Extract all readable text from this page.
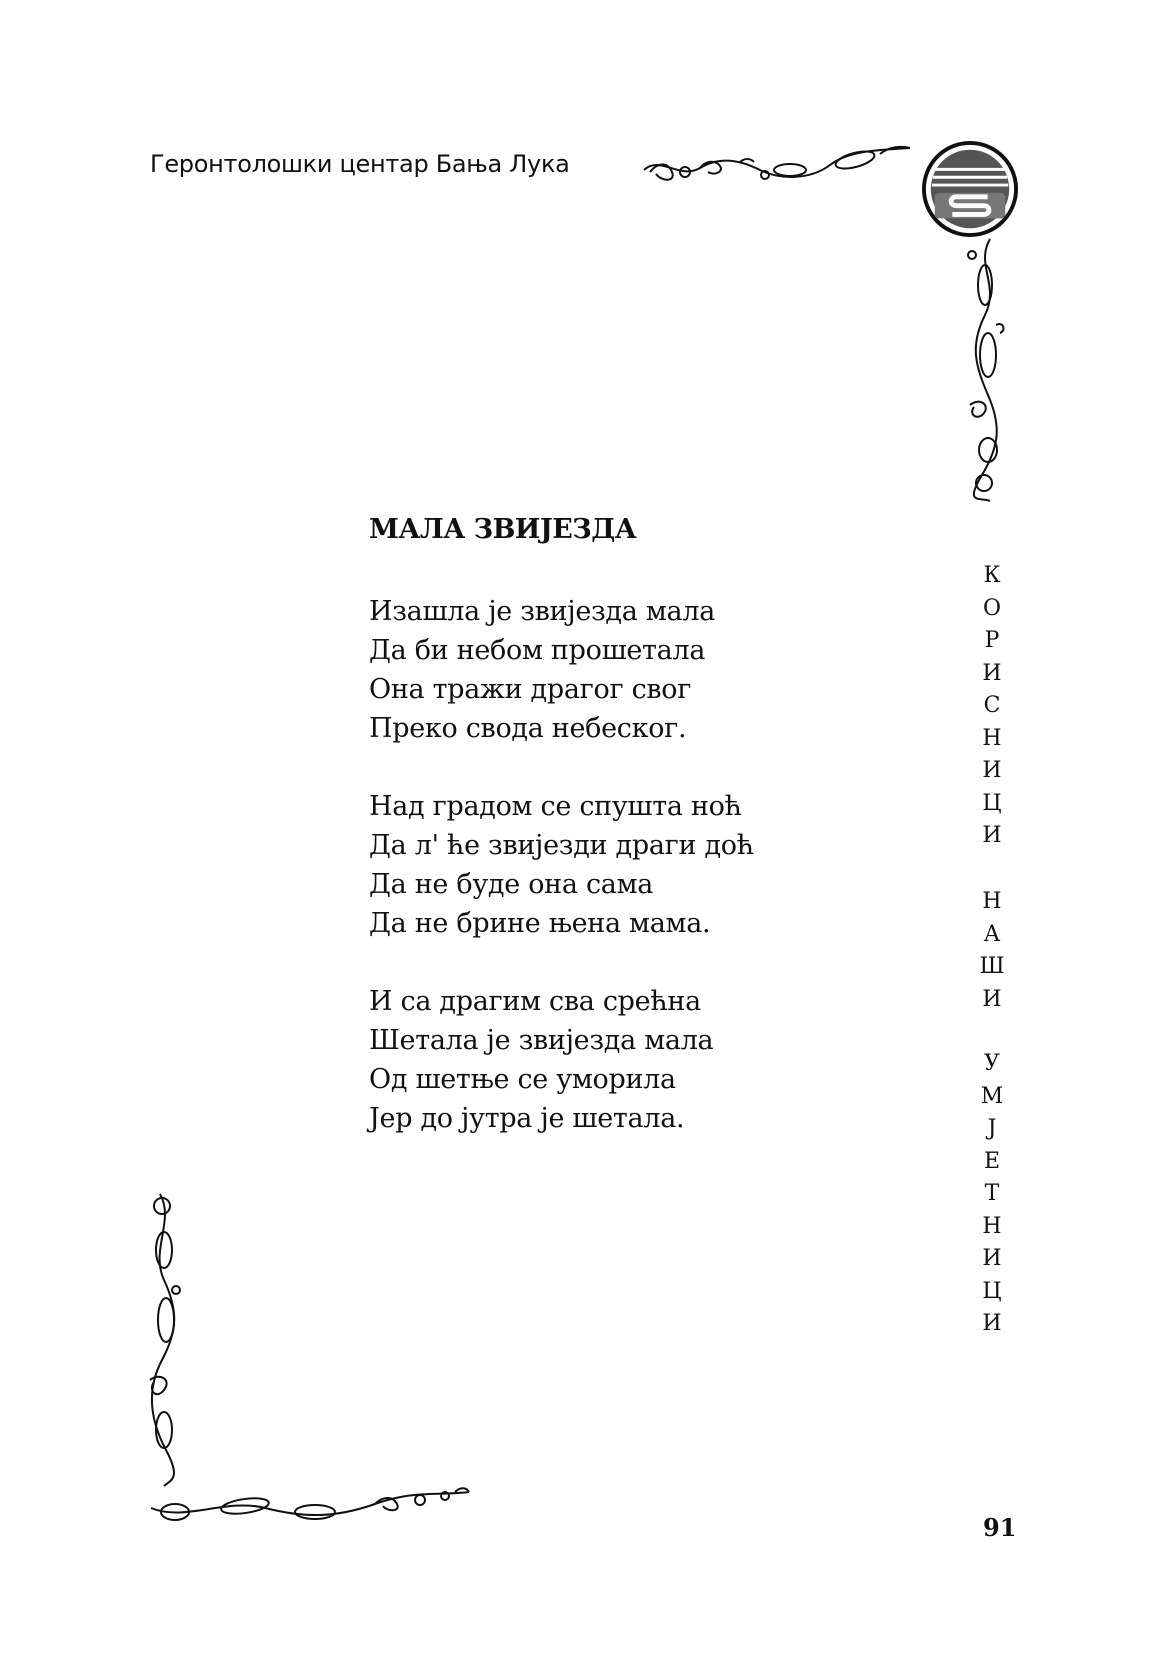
Геронтолошки центар Бања Лука
МАЛА ЗВИЈЕЗДА
Изашла је звијезда мала
Да би небом прошетала
Она тражи драгог свог
Преко свода небеског.
Над градом се спушта ноћ
Да л' ће звијезди драги доћ
Да не буде она сама
Да не брине њена мама.
И са драгим сва срећна
Шетала је звијезда мала
Од шетње се уморила
Јер до јутра је шетала.
К
О
Р
И
С
Н
И
Ц
И
Н
А
Ш
И
У
М
Ј
Е
Т
Н
И
Ц
И
91
